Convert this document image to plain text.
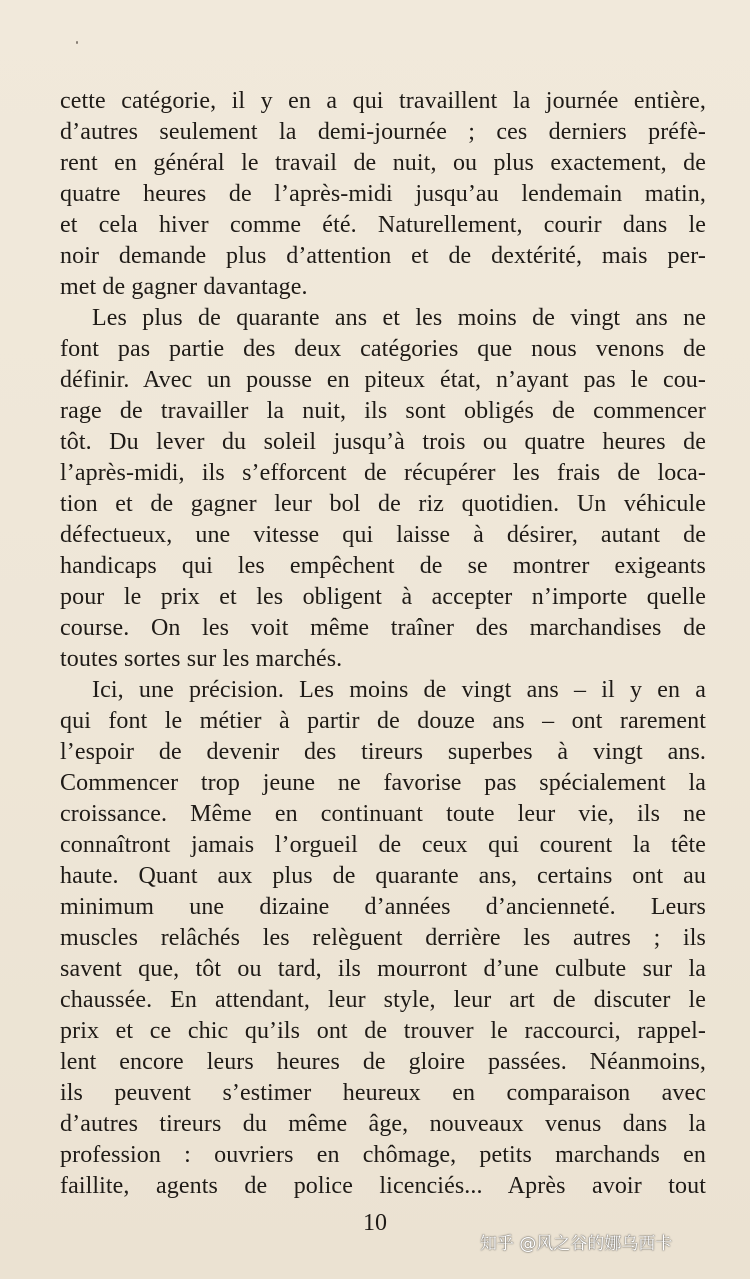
cette catégorie, il y en a qui travaillent la journée entière,
d’autres seulement la demi-journée ; ces derniers préfè-
rent en général le travail de nuit, ou plus exactement, de
quatre heures de l’après-midi jusqu’au lendemain matin,
et cela hiver comme été. Naturellement, courir dans le
noir demande plus d’attention et de dextérité, mais per-
met de gagner davantage.
Les plus de quarante ans et les moins de vingt ans ne
font pas partie des deux catégories que nous venons de
définir. Avec un pousse en piteux état, n’ayant pas le cou-
rage de travailler la nuit, ils sont obligés de commencer
tôt. Du lever du soleil jusqu’à trois ou quatre heures de
l’après-midi, ils s’efforcent de récupérer les frais de loca-
tion et de gagner leur bol de riz quotidien. Un véhicule
défectueux, une vitesse qui laisse à désirer, autant de
handicaps qui les empêchent de se montrer exigeants
pour le prix et les obligent à accepter n’importe quelle
course. On les voit même traîner des marchandises de
toutes sortes sur les marchés.
Ici, une précision. Les moins de vingt ans – il y en a
qui font le métier à partir de douze ans – ont rarement
l’espoir de devenir des tireurs superbes à vingt ans.
Commencer trop jeune ne favorise pas spécialement la
croissance. Même en continuant toute leur vie, ils ne
connaîtront jamais l’orgueil de ceux qui courent la tête
haute. Quant aux plus de quarante ans, certains ont au
minimum une dizaine d’années d’ancienneté. Leurs
muscles relâchés les relèguent derrière les autres ; ils
savent que, tôt ou tard, ils mourront d’une culbute sur la
chaussée. En attendant, leur style, leur art de discuter le
prix et ce chic qu’ils ont de trouver le raccourci, rappel-
lent encore leurs heures de gloire passées. Néanmoins,
ils peuvent s’estimer heureux en comparaison avec
d’autres tireurs du même âge, nouveaux venus dans la
profession : ouvriers en chômage, petits marchands en
faillite, agents de police licenciés... Après avoir tout
10
知乎 @风之谷的娜乌西卡
